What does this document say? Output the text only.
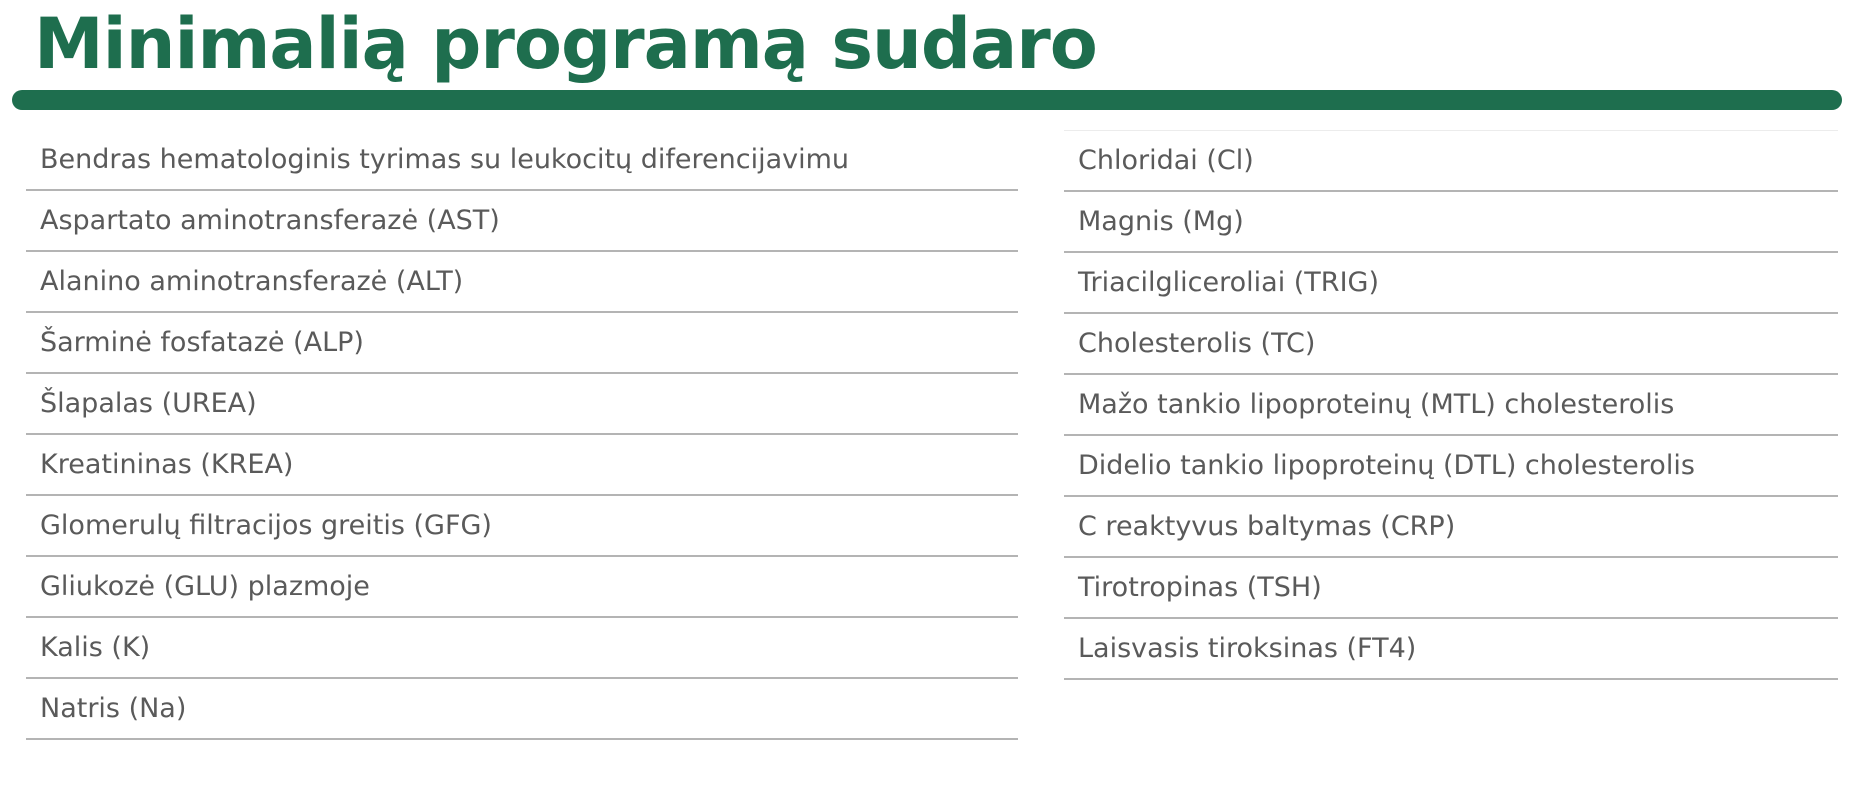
Minimalią programą sudaro
Bendras hematologinis tyrimas su leukocitų diferencijavimu
Aspartato aminotransferazė (AST)
Alanino aminotransferazė (ALT)
Šarminė fosfatazė (ALP)
Šlapalas (UREA)
Kreatininas (KREA)
Glomerulų filtracijos greitis (GFG)
Gliukozė (GLU) plazmoje
Kalis (K)
Natris (Na)
Chloridai (Cl)
Magnis (Mg)
Triacilgliceroliai (TRIG)
Cholesterolis (TC)
Mažo tankio lipoproteinų (MTL) cholesterolis
Didelio tankio lipoproteinų (DTL) cholesterolis
C reaktyvus baltymas (CRP)
Tirotropinas (TSH)
Laisvasis tiroksinas (FT4)
